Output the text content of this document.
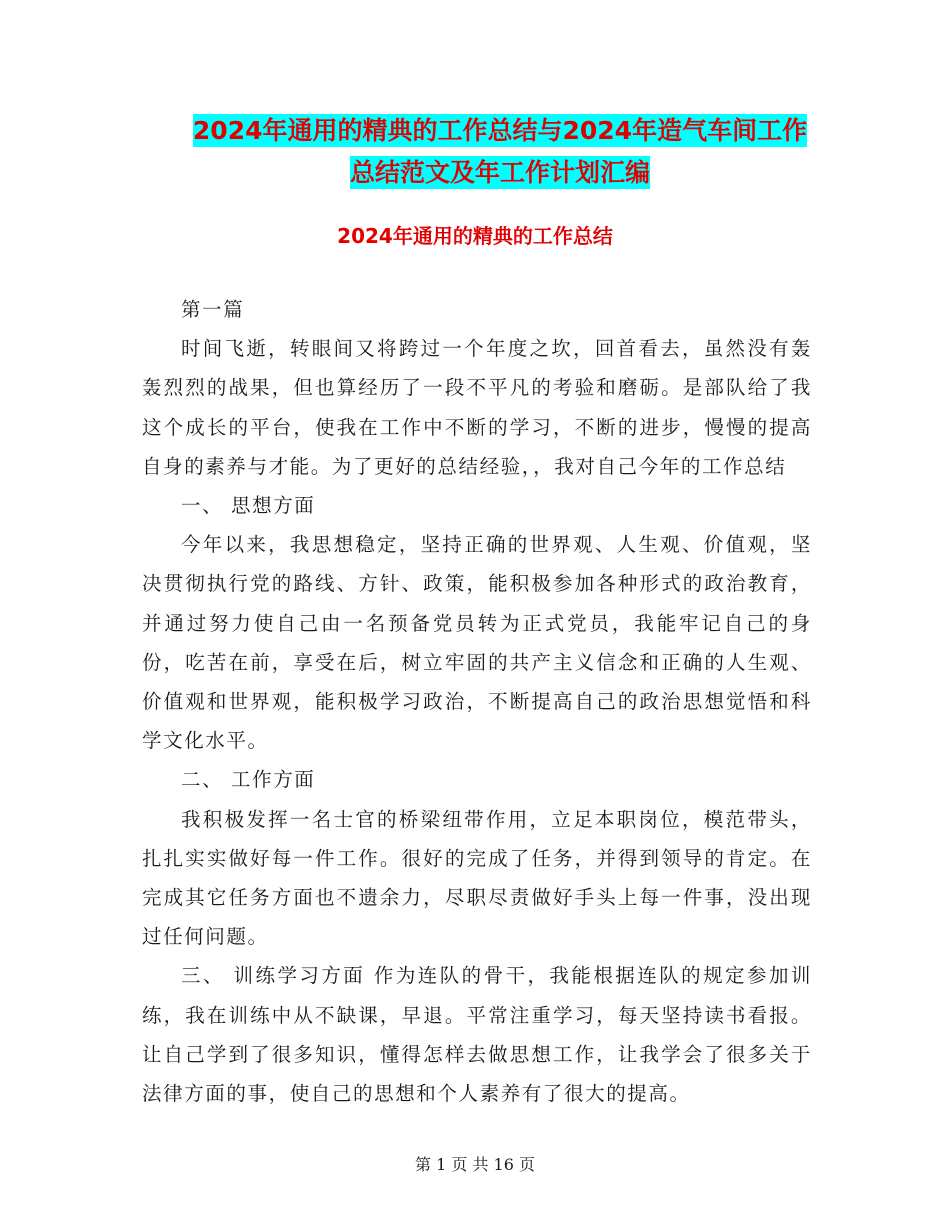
2024年通用的精典的工作总结与2024年造气车间工作
总结范文及年工作计划汇编
2024年通用的精典的工作总结

第一篇

时间飞逝，转眼间又将跨过一个年度之坎，回首看去，虽然没有轰轰烈烈的战果，但也算经历了一段不平凡的考验和磨砺。是部队给了我这个成长的平台，使我在工作中不断的学习，不断的进步，慢慢的提高自身的素养与才能。为了更好的总结经验，，我对自己今年的工作总结

一、 思想方面

今年以来，我思想稳定，坚持正确的世界观、人生观、价值观，坚决贯彻执行党的路线、方针、政策，能积极参加各种形式的政治教育，并通过努力使自己由一名预备党员转为正式党员，我能牢记自己的身份，吃苦在前，享受在后，树立牢固的共产主义信念和正确的人生观、价值观和世界观，能积极学习政治，不断提高自己的政治思想觉悟和科学文化水平。

二、 工作方面

我积极发挥一名士官的桥梁纽带作用，立足本职岗位，模范带头，扎扎实实做好每一件工作。很好的完成了任务，并得到领导的肯定。在完成其它任务方面也不遗余力，尽职尽责做好手头上每一件事，没出现过任何问题。

三、 训练学习方面 作为连队的骨干，我能根据连队的规定参加训练，我在训练中从不缺课，早退。平常注重学习，每天坚持读书看报。让自己学到了很多知识，懂得怎样去做思想工作，让我学会了很多关于法律方面的事，使自己的思想和个人素养有了很大的提高。

第 1 页 共 16 页
